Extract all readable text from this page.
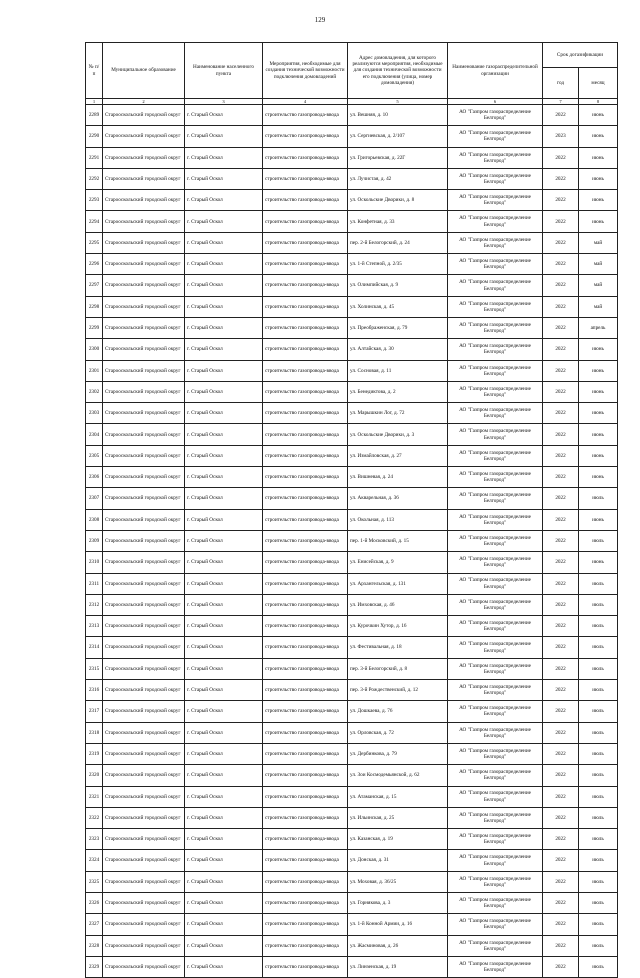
129
№ п/п	Муниципальное образование	Наименование населенного пункта	Мероприятия, необходимые для создания технической возможности подключения домовладений	Адрес домовладения, для которого реализуются мероприятия, необходимые для создания технической возможности его подключения (улица, номер домовладения)	Наименование газораспределительной организации	Срок догазификации	
						год	месяц
1	2	3	4	5	6	7	8
2289	Старооскольский городской округ	г. Старый Оскол	строительство газопровода-ввода	ул. Вешняя, д. 10	АО "Газпром газораспределение Белгород"	2022	июнь
2290	Старооскольский городской округ	г. Старый Оскол	строительство газопровода-ввода	ул. Сергиевская, д. 2/107	АО "Газпром газораспределение Белгород"	2023	июнь
2291	Старооскольский городской округ	г. Старый Оскол	строительство газопровода-ввода	ул. Григорьевская, д. 22Г	АО "Газпром газораспределение Белгород"	2022	июнь
2292	Старооскольский городской округ	г. Старый Оскол	строительство газопровода-ввода	ул. Лучистая, д. 42	АО "Газпром газораспределение Белгород"	2022	июнь
2293	Старооскольский городской округ	г. Старый Оскол	строительство газопровода-ввода	ул. Оскольские Дворики, д. 8	АО "Газпром газораспределение Белгород"	2022	июнь
2294	Старооскольский городской округ	г. Старый Оскол	строительство газопровода-ввода	ул. Конфетная, д. 33	АО "Газпром газораспределение Белгород"	2022	июнь
2295	Старооскольский городской округ	г. Старый Оскол	строительство газопровода-ввода	пер. 2-й Белогорский, д. 24	АО "Газпром газораспределение Белгород"	2022	май
2296	Старооскольский городской округ	г. Старый Оскол	строительство газопровода-ввода	ул. 1-й Степной, д. 2/35	АО "Газпром газораспределение Белгород"	2022	май
2297	Старооскольский городской округ	г. Старый Оскол	строительство газопровода-ввода	ул. Олимпийская, д. 9	АО "Газпром газораспределение Белгород"	2022	май
2298	Старооскольский городской округ	г. Старый Оскол	строительство газопровода-ввода	ул. Холинская, д. 45	АО "Газпром газораспределение Белгород"	2022	май
2299	Старооскольский городской округ	г. Старый Оскол	строительство газопровода-ввода	ул. Преображенская, д. 79	АО "Газпром газораспределение Белгород"	2022	апрель
2300	Старооскольский городской округ	г. Старый Оскол	строительство газопровода-ввода	ул. Алтайская, д. 30	АО "Газпром газораспределение Белгород"	2022	июнь
2301	Старооскольский городской округ	г. Старый Оскол	строительство газопровода-ввода	ул. Сосновая, д. 11	АО "Газпром газораспределение Белгород"	2022	июнь
2302	Старооскольский городской округ	г. Старый Оскол	строительство газопровода-ввода	ул. Бенедиктова, д. 2	АО "Газпром газораспределение Белгород"	2022	июнь
2303	Старооскольский городской округ	г. Старый Оскол	строительство газопровода-ввода	ул. Марышкин Лог, д. 72	АО "Газпром газораспределение Белгород"	2022	июнь
2304	Старооскольский городской округ	г. Старый Оскол	строительство газопровода-ввода	ул. Оскольские Дворики, д. 3	АО "Газпром газораспределение Белгород"	2022	июнь
2305	Старооскольский городской округ	г. Старый Оскол	строительство газопровода-ввода	ул. Измайловская, д. 27	АО "Газпром газораспределение Белгород"	2022	июнь
2306	Старооскольский городской округ	г. Старый Оскол	строительство газопровода-ввода	ул. Вишневая, д. 24	АО "Газпром газораспределение Белгород"	2022	июнь
2307	Старооскольский городской округ	г. Старый Оскол	строительство газопровода-ввода	ул. Акварельная, д. 36	АО "Газпром газораспределение Белгород"	2022	июль
2308	Старооскольский городской округ	г. Старый Оскол	строительство газопровода-ввода	ул. Окольная, д. 113	АО "Газпром газораспределение Белгород"	2022	июнь
2309	Старооскольский городской округ	г. Старый Оскол	строительство газопровода-ввода	пер. 1-й Московский, д. 15	АО "Газпром газораспределение Белгород"	2022	июль
2310	Старооскольский городской округ	г. Старый Оскол	строительство газопровода-ввода	ул. Енисейская, д. 9	АО "Газпром газораспределение Белгород"	2022	июнь
2311	Старооскольский городской округ	г. Старый Оскол	строительство газопровода-ввода	ул. Архангельская, д. 131	АО "Газпром газораспределение Белгород"	2022	июль
2312	Старооскольский городской округ	г. Старый Оскол	строительство газопровода-ввода	ул. Имховская, д. 46	АО "Газпром газораспределение Белгород"	2022	июль
2313	Старооскольский городской округ	г. Старый Оскол	строительство газопровода-ввода	ул. Курочкин Хутор, д. 16	АО "Газпром газораспределение Белгород"	2022	июль
2314	Старооскольский городской округ	г. Старый Оскол	строительство газопровода-ввода	ул. Фестивальная, д. 18	АО "Газпром газораспределение Белгород"	2022	июль
2315	Старооскольский городской округ	г. Старый Оскол	строительство газопровода-ввода	пер. 3-й Белогорский, д. 8	АО "Газпром газораспределение Белгород"	2022	июль
2316	Старооскольский городской округ	г. Старый Оскол	строительство газопровода-ввода	пер. 3-й Рождественский, д. 12	АО "Газпром газораспределение Белгород"	2022	июль
2317	Старооскольский городской округ	г. Старый Оскол	строительство газопровода-ввода	ул. Дошкаева, д. 76	АО "Газпром газораспределение Белгород"	2022	июль
2318	Старооскольский городской округ	г. Старый Оскол	строительство газопровода-ввода	ул. Орловская, д. 72	АО "Газпром газораспределение Белгород"	2022	июль
2319	Старооскольский городской округ	г. Старый Оскол	строительство газопровода-ввода	ул. Дербинкова, д. 79	АО "Газпром газораспределение Белгород"	2022	июль
2320	Старооскольский городской округ	г. Старый Оскол	строительство газопровода-ввода	ул. Зои Космодемьянской, д. 62	АО "Газпром газораспределение Белгород"	2022	июль
2321	Старооскольский городской округ	г. Старый Оскол	строительство газопровода-ввода	ул. Атаманская, д. 15	АО "Газпром газораспределение Белгород"	2022	июль
2322	Старооскольский городской округ	г. Старый Оскол	строительство газопровода-ввода	ул. Ильинская, д. 25	АО "Газпром газораспределение Белгород"	2022	июль
2323	Старооскольский городской округ	г. Старый Оскол	строительство газопровода-ввода	ул. Казанская, д. 19	АО "Газпром газораспределение Белгород"	2022	июль
2324	Старооскольский городской округ	г. Старый Оскол	строительство газопровода-ввода	ул. Донская, д. 31	АО "Газпром газораспределение Белгород"	2022	июль
2325	Старооскольский городской округ	г. Старый Оскол	строительство газопровода-ввода	ул. Моховая, д. 36/25	АО "Газпром газораспределение Белгород"	2022	июль
2326	Старооскольский городской округ	г. Старый Оскол	строительство газопровода-ввода	ул. Горнякова, д. 3	АО "Газпром газораспределение Белгород"	2022	июль
2327	Старооскольский городской округ	г. Старый Оскол	строительство газопровода-ввода	ул. 1-й Конной Армии, д. 16	АО "Газпром газораспределение Белгород"	2022	июль
2328	Старооскольский городской округ	г. Старый Оскол	строительство газопровода-ввода	ул. Жасминовая, д. 26	АО "Газпром газораспределение Белгород"	2022	июль
2329	Старооскольский городской округ	г. Старый Оскол	строительство газопровода-ввода	ул. Линзенская, д. 19	АО "Газпром газораспределение Белгород"	2022	июль
